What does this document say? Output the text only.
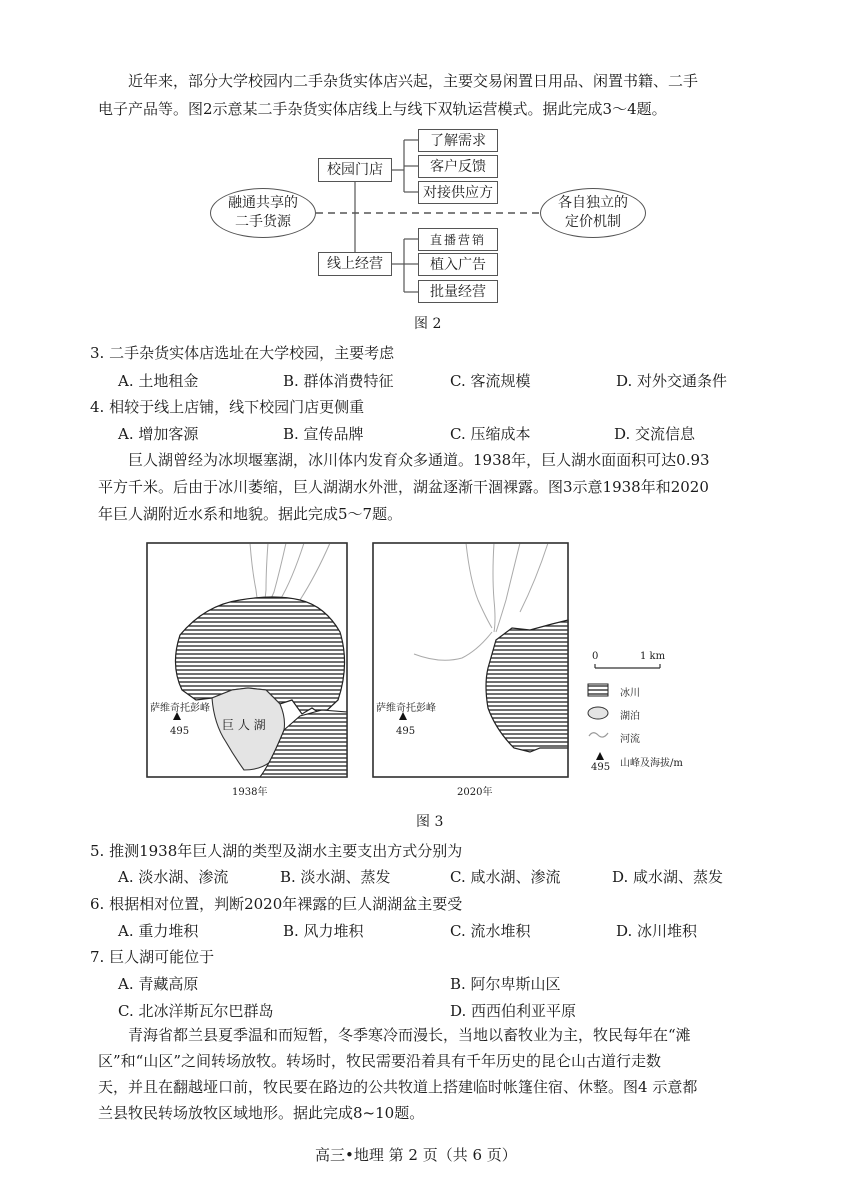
近年来，部分大学校园内二手杂货实体店兴起，主要交易闲置日用品、闲置书籍、二手
电子产品等。图2示意某二手杂货实体店线上与线下双轨运营模式。据此完成3～4题。
校园门店
了解需求
客户反馈
对接供应方
融通共享的
二手货源
各自独立的
定价机制
线上经营
直播营销
植入广告
批量经营
图 2
3. 二手杂货实体店选址在大学校园，主要考虑
A. 土地租金	B. 群体消费特征	C. 客流规模	D. 对外交通条件
4. 相较于线上店铺，线下校园门店更侧重
A. 增加客源	B. 宣传品牌	C. 压缩成本	D. 交流信息
巨人湖曾经为冰坝堰塞湖，冰川体内发育众多通道。1938年，巨人湖水面面积可达0.93
平方千米。后由于冰川萎缩，巨人湖湖水外泄，湖盆逐渐干涸裸露。图3示意1938年和2020
年巨人湖附近水系和地貌。据此完成5～7题。
萨维奇托彭峰
495	巨 人 湖
萨维奇托彭峰
495
1938年	2020年
0	1 km
冰川
湖泊
河流
山峰及海拔/m
495
图 3
5. 推测1938年巨人湖的类型及湖水主要支出方式分别为
A. 淡水湖、渗流	B. 淡水湖、蒸发	C. 咸水湖、渗流	D. 咸水湖、蒸发
6. 根据相对位置，判断2020年裸露的巨人湖湖盆主要受
A. 重力堆积	B. 风力堆积	C. 流水堆积	D. 冰川堆积
7. 巨人湖可能位于
A. 青藏高原	B. 阿尔卑斯山区
C. 北冰洋斯瓦尔巴群岛	D. 西西伯利亚平原
青海省都兰县夏季温和而短暂，冬季寒冷而漫长，当地以畜牧业为主，牧民每年在“滩
区”和“山区”之间转场放牧。转场时，牧民需要沿着具有千年历史的昆仑山古道行走数
天，并且在翻越垭口前，牧民要在路边的公共牧道上搭建临时帐篷住宿、休整。图4 示意都
兰县牧民转场放牧区域地形。据此完成8~10题。
高三•地理 第 2 页（共 6 页）
